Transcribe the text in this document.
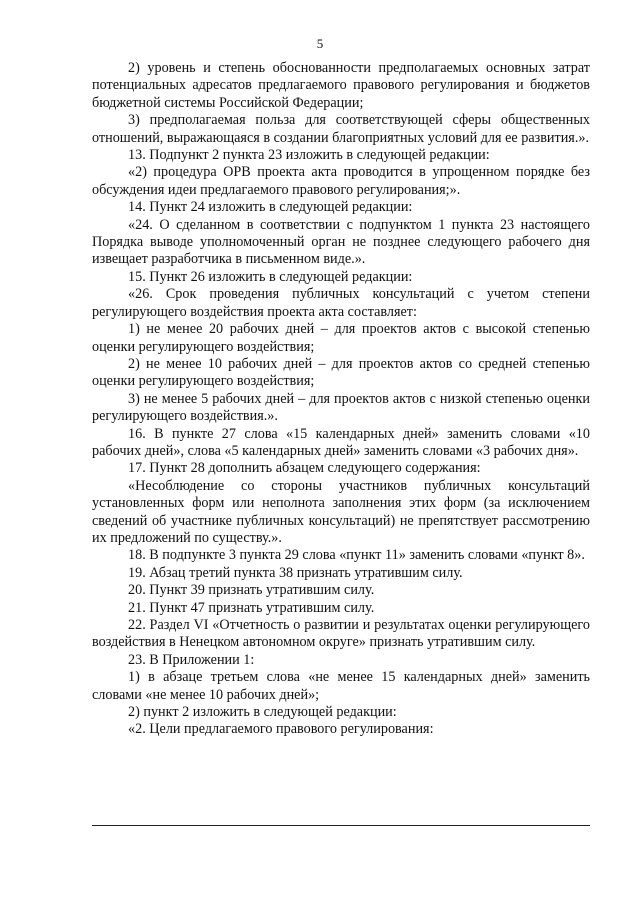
5

2) уровень и степень обоснованности предполагаемых основных затрат потенциальных адресатов предлагаемого правового регулирования и бюджетов бюджетной системы Российской Федерации;

3) предполагаемая польза для соответствующей сферы общественных отношений, выражающаяся в создании благоприятных условий для ее развития.».

13. Подпункт 2 пункта 23 изложить в следующей редакции:

«2) процедура ОРВ проекта акта проводится в упрощенном порядке без обсуждения идеи предлагаемого правового регулирования;».

14. Пункт 24 изложить в следующей редакции:

«24. О сделанном в соответствии с подпунктом 1 пункта 23 настоящего Порядка выводе уполномоченный орган не позднее следующего рабочего дня извещает разработчика в письменном виде.».

15. Пункт 26 изложить в следующей редакции:

«26. Срок проведения публичных консультаций с учетом степени регулирующего воздействия проекта акта составляет:

1) не менее 20 рабочих дней – для проектов актов с высокой степенью оценки регулирующего воздействия;

2) не менее 10 рабочих дней – для проектов актов со средней степенью оценки регулирующего воздействия;

3) не менее 5 рабочих дней – для проектов актов с низкой степенью оценки регулирующего воздействия.».

16. В пункте 27 слова «15 календарных дней» заменить словами «10 рабочих дней», слова «5 календарных дней» заменить словами «3 рабочих дня».

17. Пункт 28 дополнить абзацем следующего содержания:

«Несоблюдение со стороны участников публичных консультаций установленных форм или неполнота заполнения этих форм (за исключением сведений об участнике публичных консультаций) не препятствует рассмотрению их предложений по существу.».

18. В подпункте 3 пункта 29 слова «пункт 11» заменить словами «пункт 8».

19. Абзац третий пункта 38 признать утратившим силу.

20. Пункт 39 признать утратившим силу.

21. Пункт 47 признать утратившим силу.

22. Раздел VI «Отчетность о развитии и результатах оценки регулирующего воздействия в Ненецком автономном округе» признать утратившим силу.

23. В Приложении 1:

1) в абзаце третьем слова «не менее 15 календарных дней» заменить словами «не менее 10 рабочих дней»;

2) пункт 2 изложить в следующей редакции:

«2. Цели предлагаемого правового регулирования:
